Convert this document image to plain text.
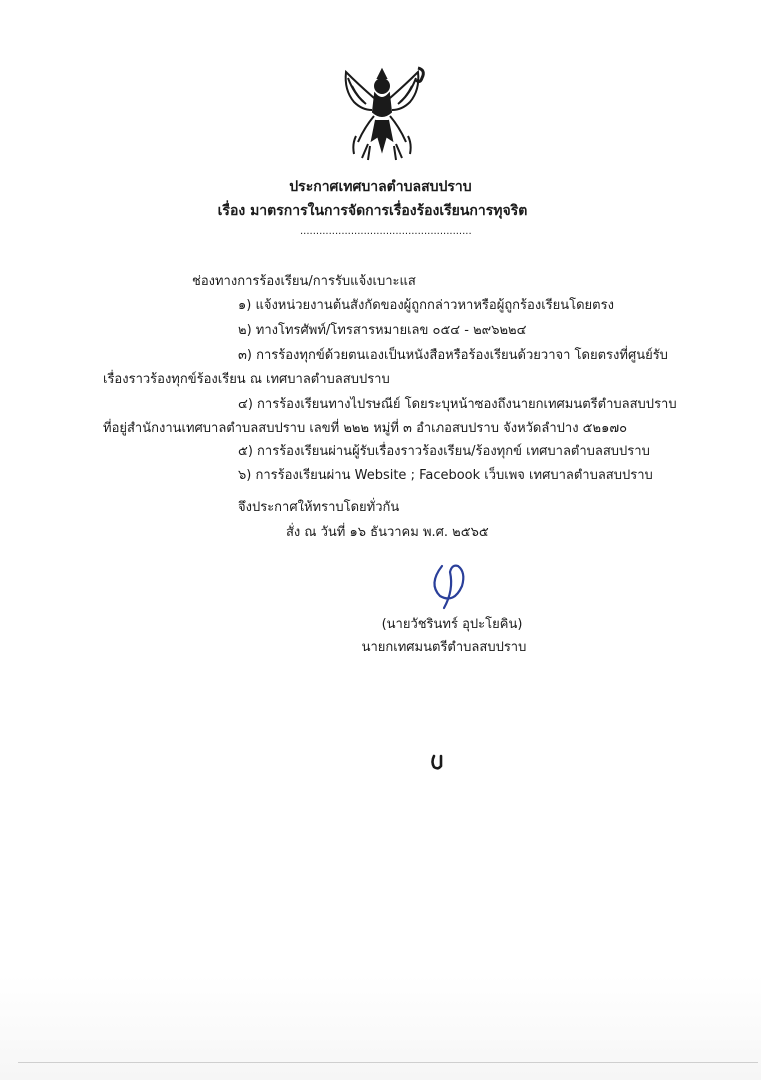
ประกาศเทศบาลตำบลสบปราบ
เรื่อง มาตรการในการจัดการเรื่องร้องเรียนการทุจริต
......................................................
ช่องทางการร้องเรียน/การรับแจ้งเบาะแส
๑) แจ้งหน่วยงานต้นสังกัดของผู้ถูกกล่าวหาหรือผู้ถูกร้องเรียนโดยตรง
๒) ทางโทรศัพท์/โทรสารหมายเลข ๐๕๔ - ๒๙๖๒๒๔
๓) การร้องทุกข์ด้วยตนเองเป็นหนังสือหรือร้องเรียนด้วยวาจา โดยตรงที่ศูนย์รับ
เรื่องราวร้องทุกข์ร้องเรียน ณ เทศบาลตำบลสบปราบ
๔) การร้องเรียนทางไปรษณีย์ โดยระบุหน้าซองถึงนายกเทศมนตรีตำบลสบปราบ
ที่อยู่สำนักงานเทศบาลตำบลสบปราบ เลขที่ ๒๒๒ หมู่ที่ ๓ อำเภอสบปราบ จังหวัดลำปาง ๕๒๑๗๐
๕) การร้องเรียนผ่านผู้รับเรื่องราวร้องเรียน/ร้องทุกข์ เทศบาลตำบลสบปราบ
๖) การร้องเรียนผ่าน Website ; Facebook เว็บเพจ เทศบาลตำบลสบปราบ
จึงประกาศให้ทราบโดยทั่วกัน
สั่ง ณ วันที่ ๑๖ ธันวาคม พ.ศ. ๒๕๖๕
(นายวัชรินทร์ อุปะโยคิน)
นายกเทศมนตรีตำบลสบปราบ
